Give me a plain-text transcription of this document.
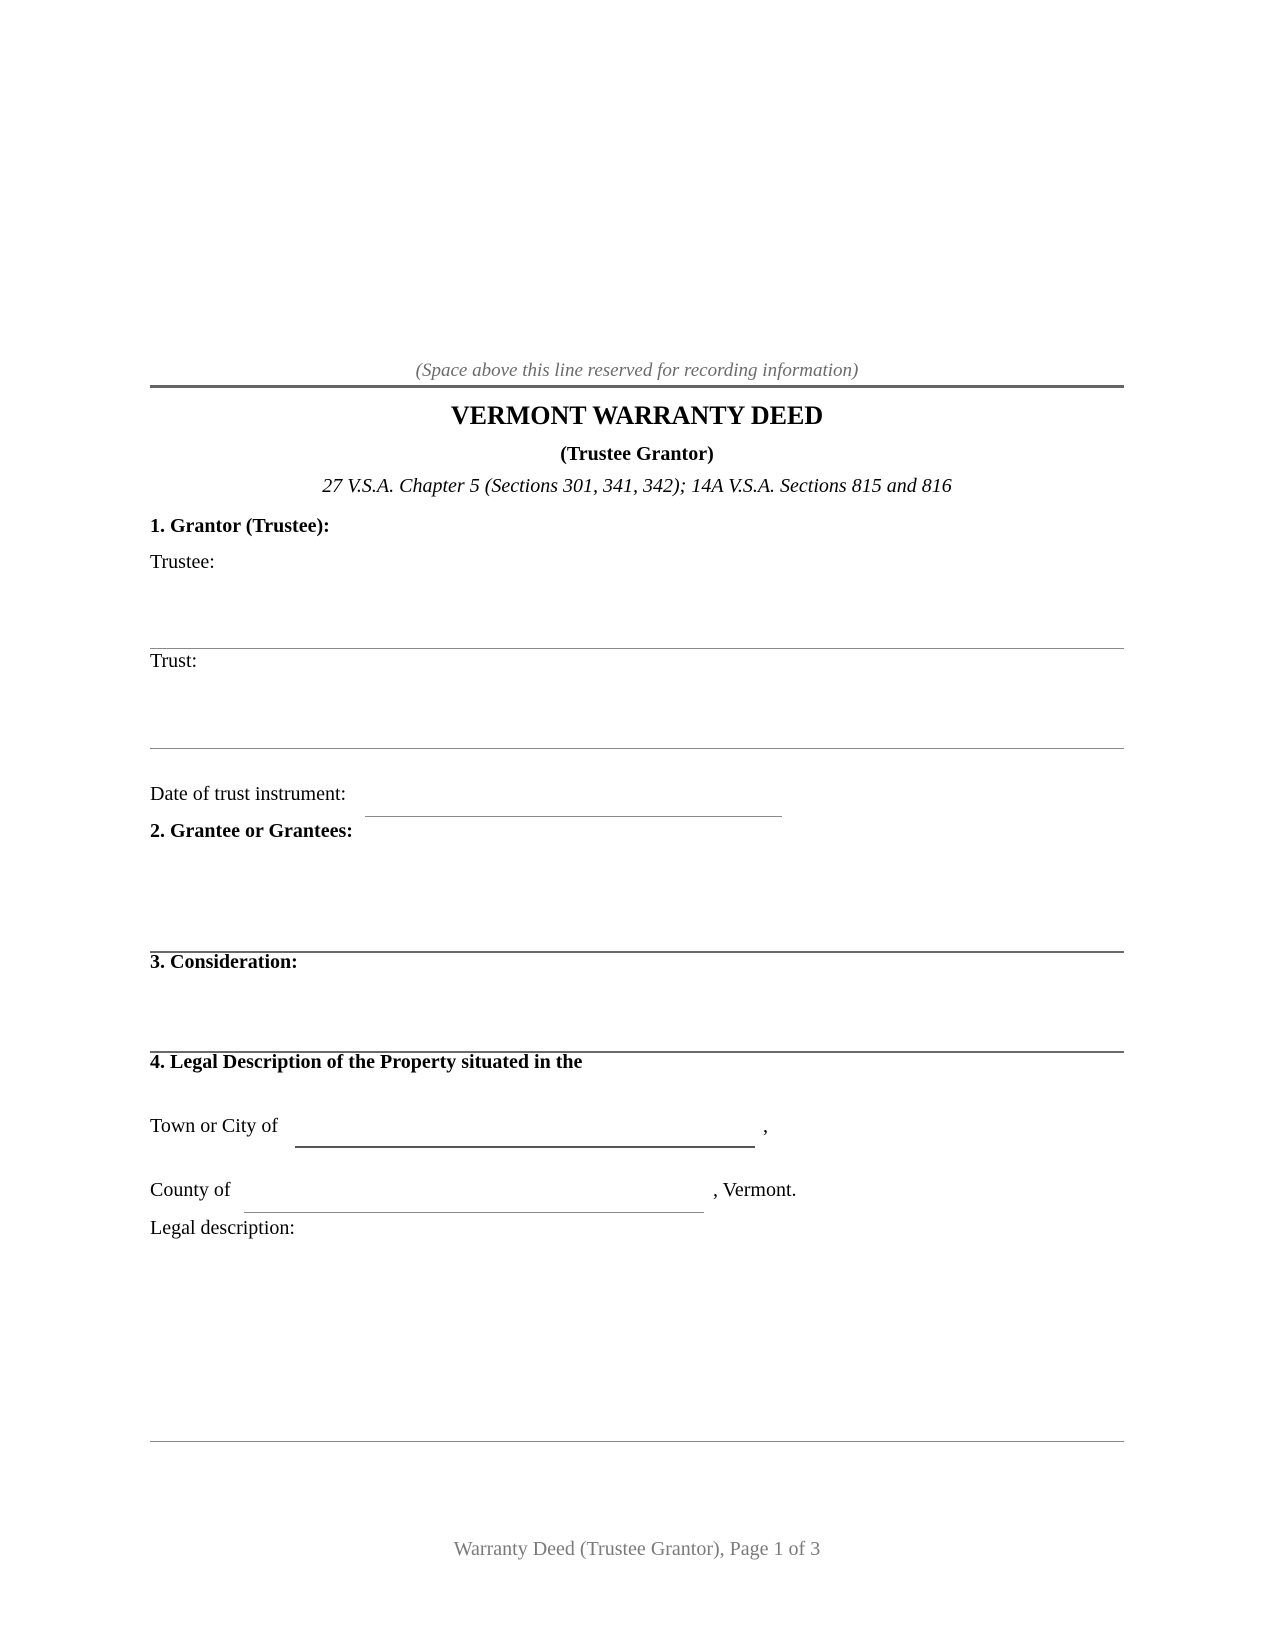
(Space above this line reserved for recording information)
VERMONT WARRANTY DEED
(Trustee Grantor)
27 V.S.A. Chapter 5 (Sections 301, 341, 342); 14A V.S.A. Sections 815 and 816
1. Grantor (Trustee):
Trustee:
Trust:
Date of trust instrument:
2. Grantee or Grantees:
3. Consideration:
4. Legal Description of the Property situated in the
Town or City of	,
County of	, Vermont.
Legal description:
Warranty Deed (Trustee Grantor), Page 1 of 3
